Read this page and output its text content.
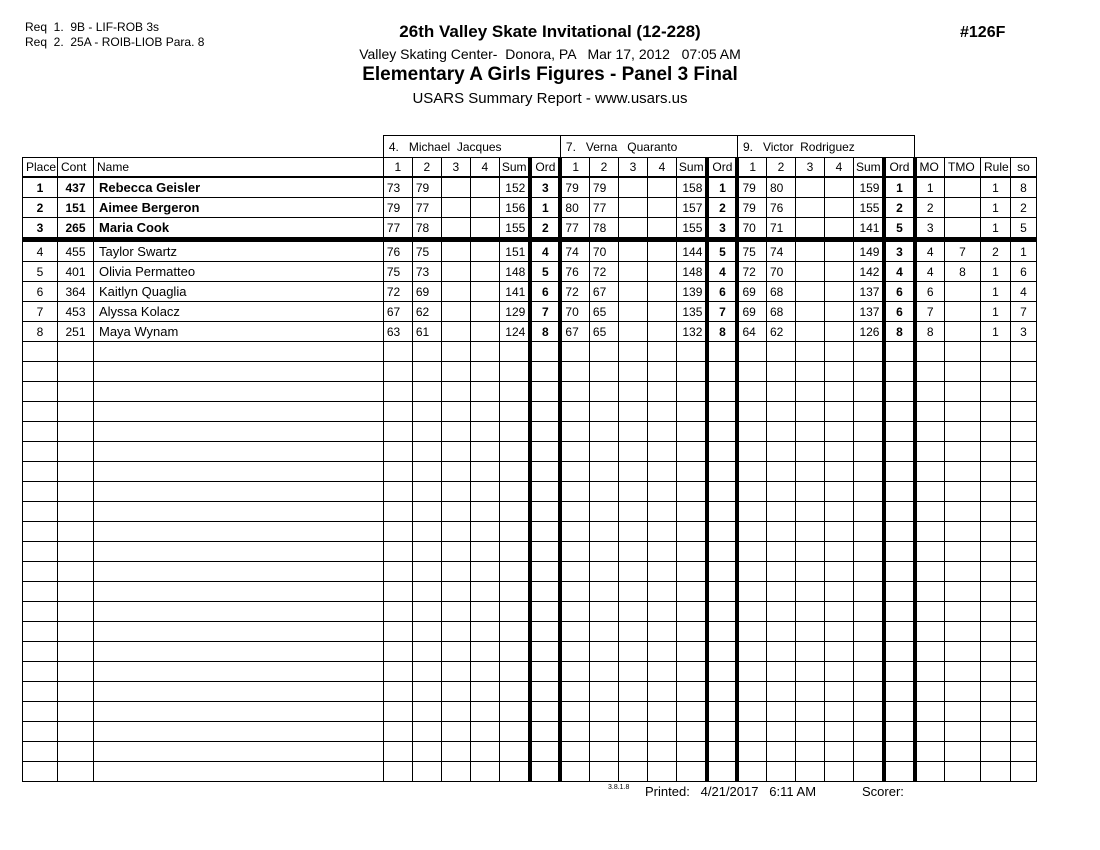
Req  1.  9B - LIF-ROB 3s
Req  2.  25A - ROIB-LIOB Para. 8
26th Valley Skate Invitational (12-228)
Valley Skating Center-  Donora, PA   Mar 17, 2012   07:05 AM
Elementary A Girls Figures - Panel 3 Final
USARS Summary Report - www.usars.us
#126F
			4.   Michael  Jacques						7.   Verna   Quaranto						9.   Victor  Rodriguez									
Place	Cont	Name	1	2	3	4	Sum	Ord	1	2	3	4	Sum	Ord	1	2	3	4	Sum	Ord	MO	TMO	Rule	so
1	437	Rebecca Geisler	73	79			152	3	79	79			158	1	79	80			159	1	1		1	8
2	151	Aimee Bergeron	79	77			156	1	80	77			157	2	79	76			155	2	2		1	2
3	265	Maria Cook	77	78			155	2	77	78			155	3	70	71			141	5	3		1	5
4	455	Taylor Swartz	76	75			151	4	74	70			144	5	75	74			149	3	4	7	2	1
5	401	Olivia Permatteo	75	73			148	5	76	72			148	4	72	70			142	4	4	8	1	6
6	364	Kaitlyn Quaglia	72	69			141	6	72	67			139	6	69	68			137	6	6		1	4
7	453	Alyssa Kolacz	67	62			129	7	70	65			135	7	69	68			137	6	7		1	7
8	251	Maya Wynam	63	61			124	8	67	65			132	8	64	62			126	8	8		1	3

3.8.1.8 Printed:   4/21/2017   6:11 AM	Scorer:
